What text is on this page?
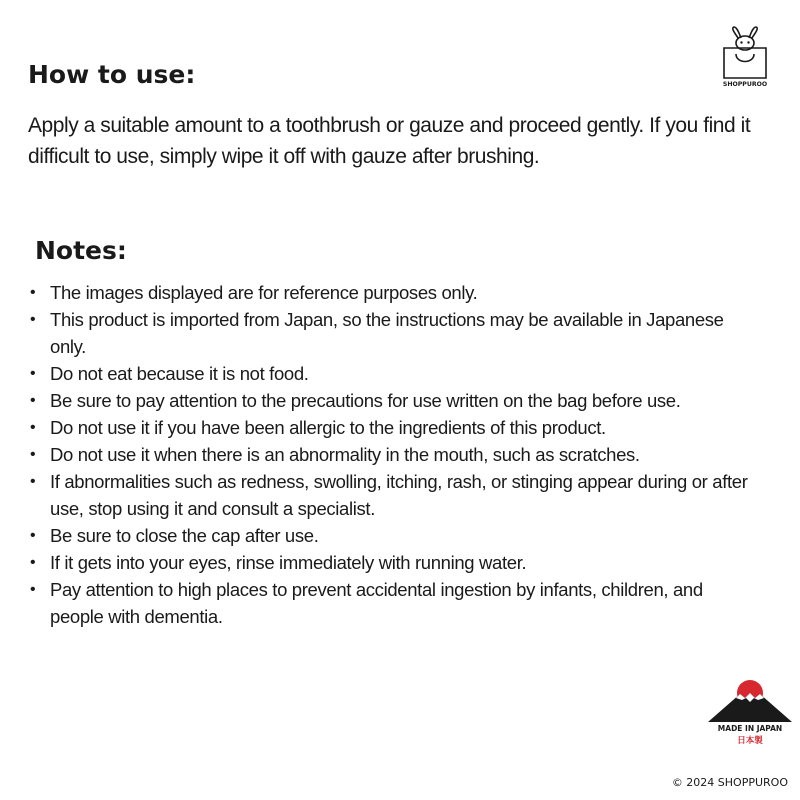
SHOPPUROO
How to use:

Apply a suitable amount to a toothbrush or gauze and proceed gently. If you find it difficult to use, simply wipe it off with gauze after brushing.

Notes:
• The images displayed are for reference purposes only.
• This product is imported from Japan, so the instructions may be available in Japanese only.
• Do not eat because it is not food.
• Be sure to pay attention to the precautions for use written on the bag before use.
• Do not use it if you have been allergic to the ingredients of this product.
• Do not use it when there is an abnormality in the mouth, such as scratches.
• If abnormalities such as redness, swolling, itching, rash, or stinging appear during or after use, stop using it and consult a specialist.
• Be sure to close the cap after use.
• If it gets into your eyes, rinse immediately with running water.
• Pay attention to high places to prevent accidental ingestion by infants, children, and people with dementia.
MADE IN JAPAN
日本製
© 2024 SHOPPUROO
